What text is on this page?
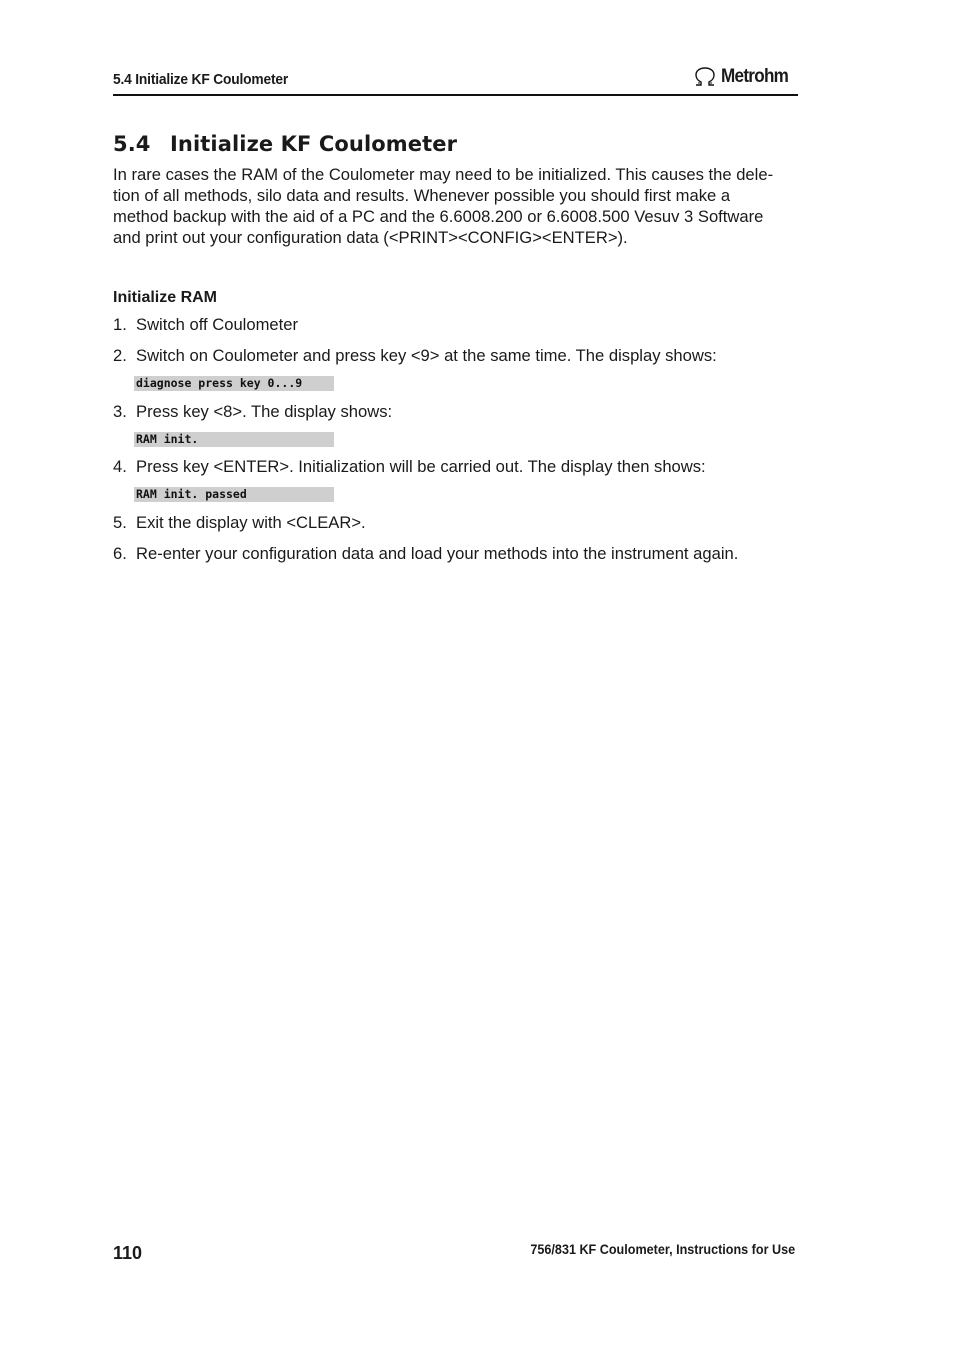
5.4 Initialize KF Coulometer	Metrohm
5.4 Initialize KF Coulometer

In rare cases the RAM of the Coulometer may need to be initialized. This causes the dele-
tion of all methods, silo data and results. Whenever possible you should first make a
method backup with the aid of a PC and the 6.6008.200 or 6.6008.500 Vesuv 3 Software
and print out your configuration data (<PRINT><CONFIG><ENTER>).

Initialize RAM
1. Switch off Coulometer
2. Switch on Coulometer and press key <9> at the same time. The display shows:
diagnose press key 0...9
3. Press key <8>. The display shows:
RAM init.
4. Press key <ENTER>. Initialization will be carried out. The display then shows:
RAM init. passed
5. Exit the display with <CLEAR>.
6. Re-enter your configuration data and load your methods into the instrument again.
110	756/831 KF Coulometer, Instructions for Use
